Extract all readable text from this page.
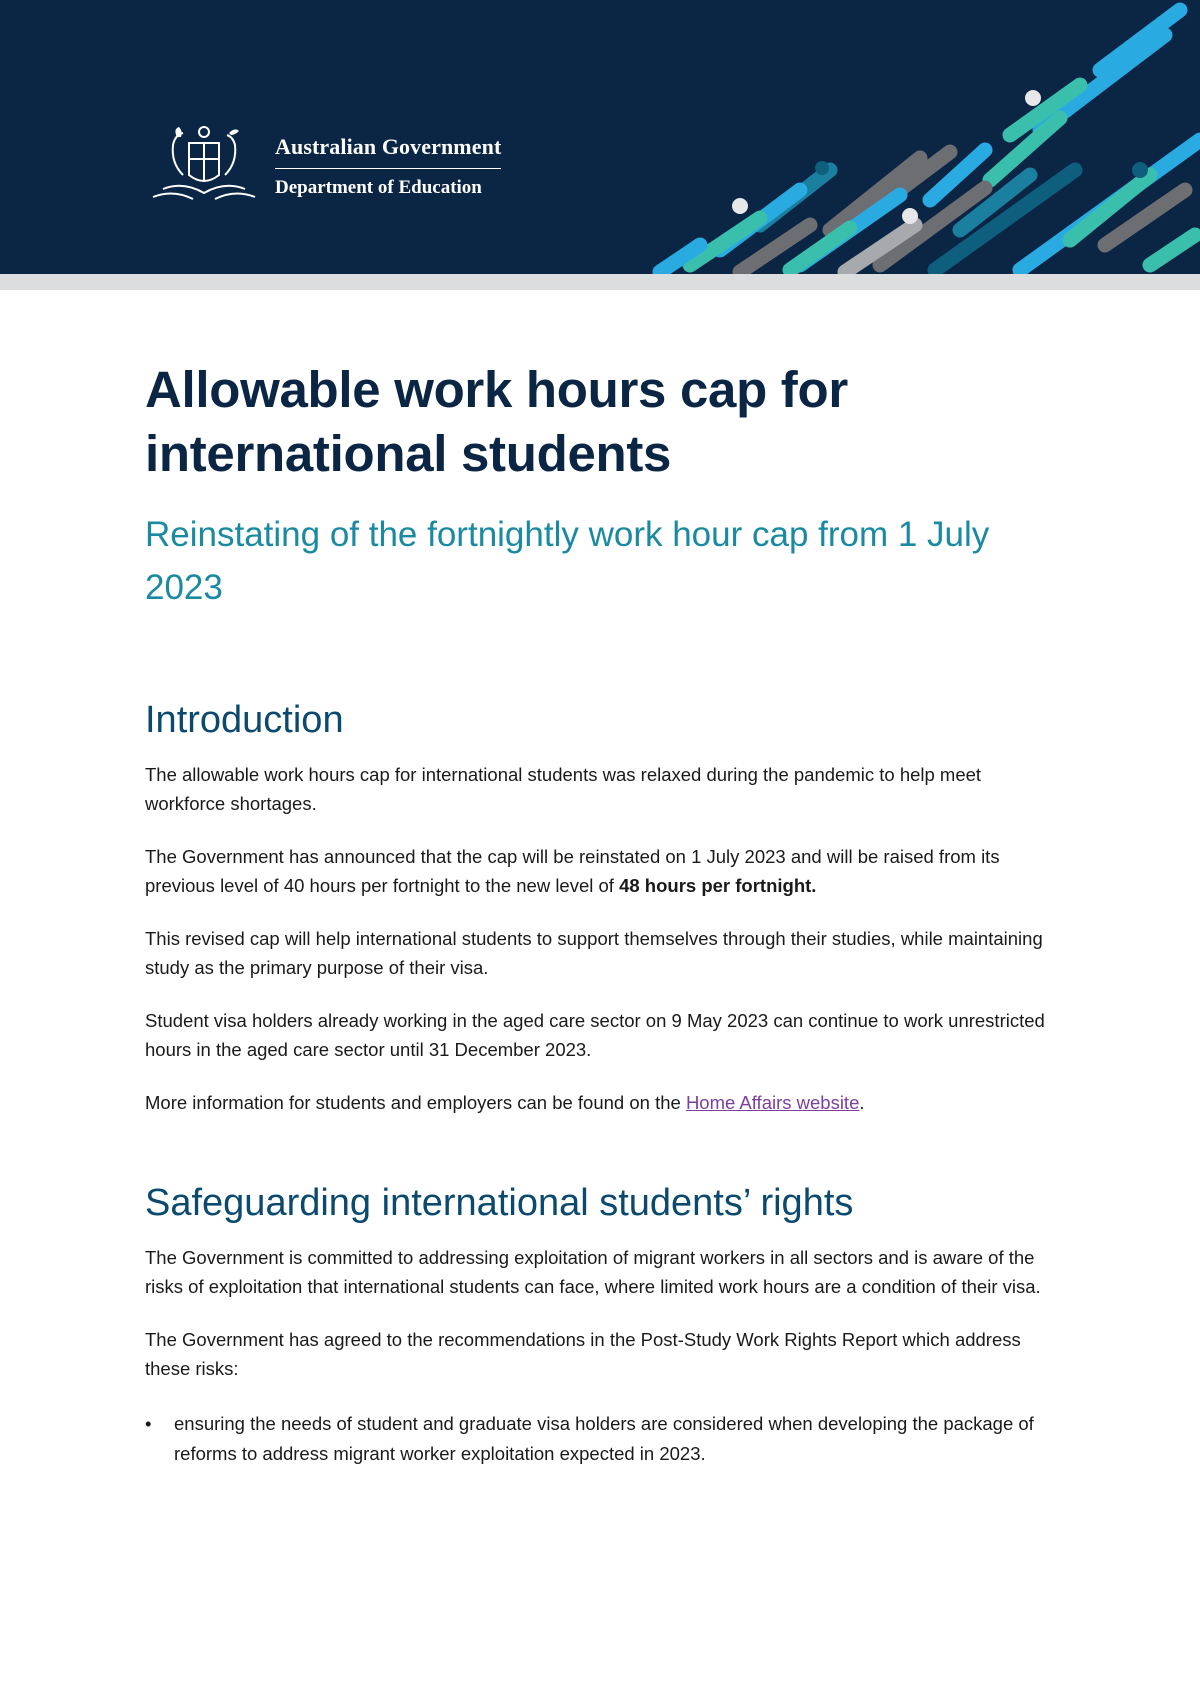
Australian Government
Department of Education
Allowable work hours cap for international students
Reinstating of the fortnightly work hour cap from 1 July 2023
Introduction

The allowable work hours cap for international students was relaxed during the pandemic to help meet workforce shortages.

The Government has announced that the cap will be reinstated on 1 July 2023 and will be raised from its previous level of 40 hours per fortnight to the new level of 48 hours per fortnight.

This revised cap will help international students to support themselves through their studies, while maintaining study as the primary purpose of their visa.

Student visa holders already working in the aged care sector on 9 May 2023 can continue to work unrestricted hours in the aged care sector until 31 December 2023.

More information for students and employers can be found on the Home Affairs website.

Safeguarding international students’ rights

The Government is committed to addressing exploitation of migrant workers in all sectors and is aware of the risks of exploitation that international students can face, where limited work hours are a condition of their visa.

The Government has agreed to the recommendations in the Post-Study Work Rights Report which address these risks:

•	ensuring the needs of student and graduate visa holders are considered when developing the package of reforms to address migrant worker exploitation expected in 2023.
